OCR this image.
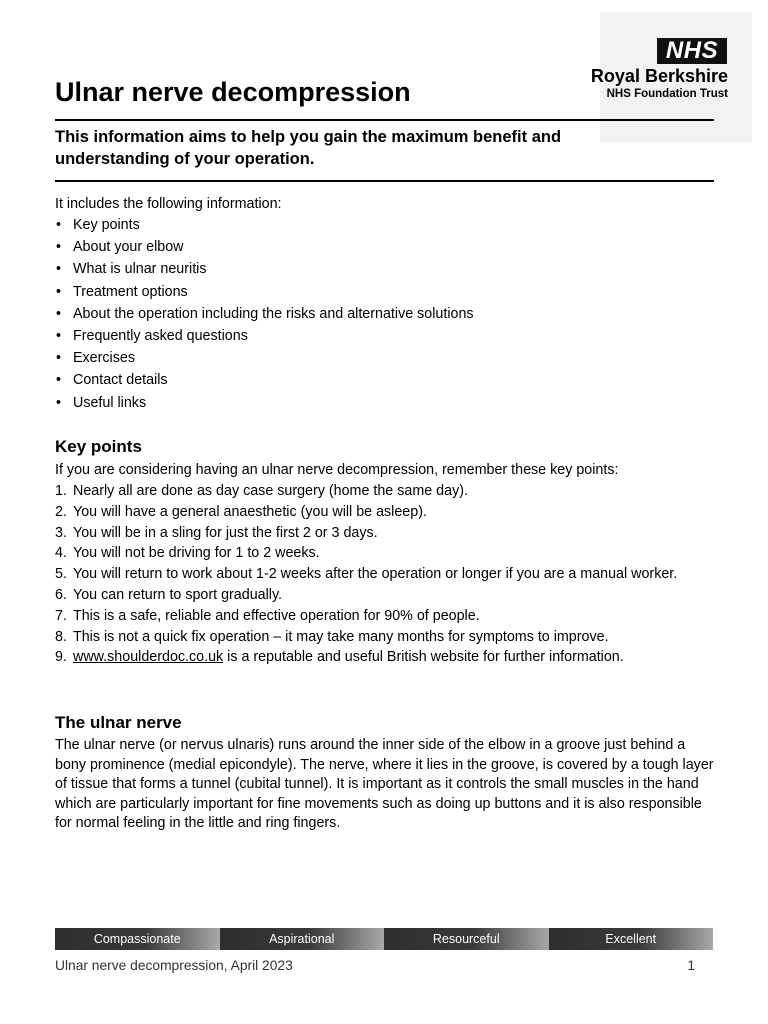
NHS
Royal Berkshire
NHS Foundation Trust
Ulnar nerve decompression

This information aims to help you gain the maximum benefit and understanding of your operation.

It includes the following information:

• Key points
• About your elbow
• What is ulnar neuritis
• Treatment options
• About the operation including the risks and alternative solutions
• Frequently asked questions
• Exercises
• Contact details
• Useful links
Key points

If you are considering having an ulnar nerve decompression, remember these key points:

1. Nearly all are done as day case surgery (home the same day).
2. You will have a general anaesthetic (you will be asleep).
3. You will be in a sling for just the first 2 or 3 days.
4. You will not be driving for 1 to 2 weeks.
5. You will return to work about 1-2 weeks after the operation or longer if you are a manual worker.
6. You can return to sport gradually.
7. This is a safe, reliable and effective operation for 90% of people.
8. This is not a quick fix operation – it may take many months for symptoms to improve.
9. www.shoulderdoc.co.uk is a reputable and useful British website for further information.
The ulnar nerve

The ulnar nerve (or nervus ulnaris) runs around the inner side of the elbow in a groove just behind a bony prominence (medial epicondyle). The nerve, where it lies in the groove, is covered by a tough layer of tissue that forms a tunnel (cubital tunnel). It is important as it controls the small muscles in the hand which are particularly important for fine movements such as doing up buttons and it is also responsible for normal feeling in the little and ring fingers.

Compassionate	Aspirational	Resourceful	Excellent

Ulnar nerve decompression, April 2023	1
